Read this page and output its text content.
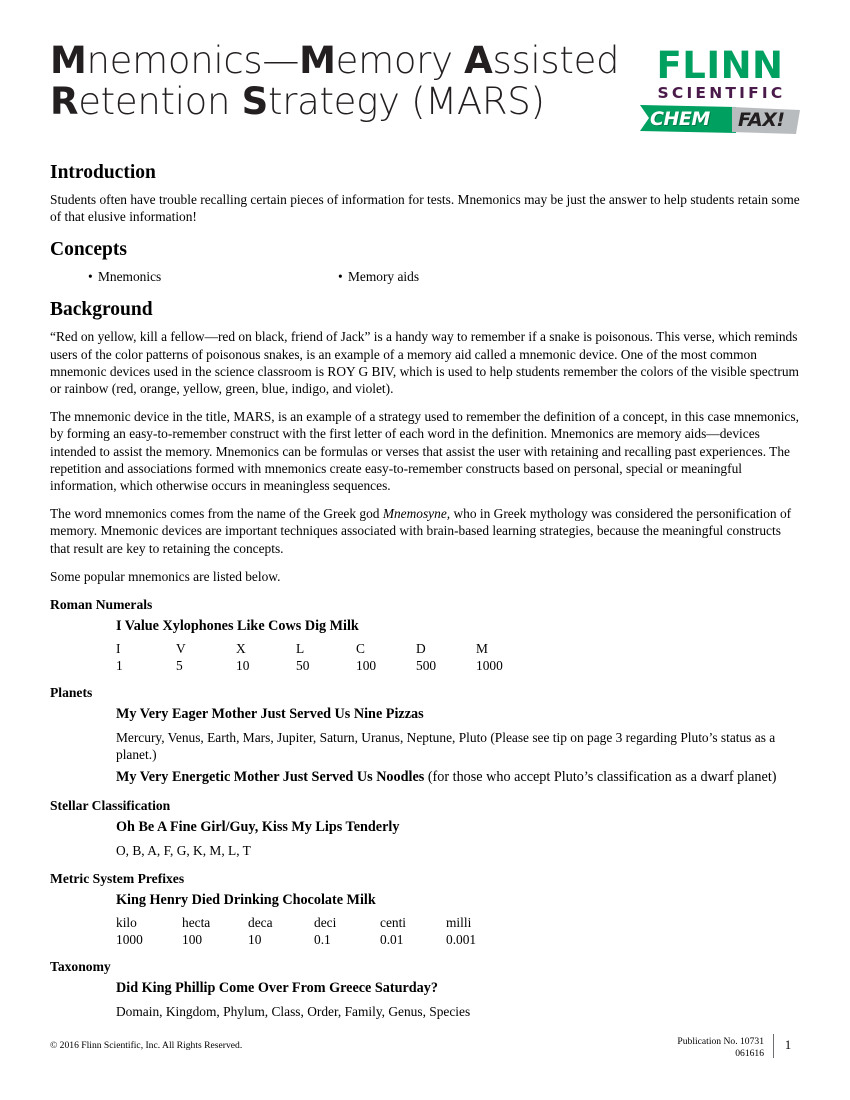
Mnemonics—Memory Assisted
Retention Strategy (MARS)
FLINN
SCIENTIFIC
CHEM FAX!
Introduction

Students often have trouble recalling certain pieces of information for tests. Mnemonics may be just the answer to help students retain some of that elusive information!

Concepts
• Mnemonics	• Memory aids
Background

“Red on yellow, kill a fellow—red on black, friend of Jack” is a handy way to remember if a snake is poisonous. This verse, which reminds users of the color patterns of poisonous snakes, is an example of a memory aid called a mnemonic device. One of the most common mnemonic devices used in the science classroom is ROY G BIV, which is used to help students remember the colors of the visible spectrum or rainbow (red, orange, yellow, green, blue, indigo, and violet).

The mnemonic device in the title, MARS, is an example of a strategy used to remember the definition of a concept, in this case mnemonics, by forming an easy-to-remember construct with the first letter of each word in the definition. Mnemonics are memory aids—devices intended to assist the memory. Mnemonics can be formulas or verses that assist the user with retaining and recalling past experiences. The repetition and associations formed with mnemonics create easy-to-remember constructs based on personal, special or meaningful information, which otherwise occurs in meaningless sequences.

The word mnemonics comes from the name of the Greek god Mnemosyne, who in Greek mythology was considered the personification of memory. Mnemonic devices are important techniques associated with brain-based learning strategies, because the meaningful constructs that result are key to retaining the concepts.

Some popular mnemonics are listed below.

Roman Numerals
I Value Xylophones Like Cows Dig Milk
I	V	X	L	C	D	M
1	5	10	50	100	500	1000
Planets
My Very Eager Mother Just Served Us Nine Pizzas
Mercury, Venus, Earth, Mars, Jupiter, Saturn, Uranus, Neptune, Pluto (Please see tip on page 3 regarding Pluto’s status as a planet.)
My Very Energetic Mother Just Served Us Noodles (for those who accept Pluto’s classification as a dwarf planet)
Stellar Classification
Oh Be A Fine Girl/Guy, Kiss My Lips Tenderly
O, B, A, F, G, K, M, L, T
Metric System Prefixes
King Henry Died Drinking Chocolate Milk
kilo	hecta	deca	deci	centi	milli
1000	100	10	0.1	0.01	0.001
Taxonomy
Did King Phillip Come Over From Greece Saturday?
Domain, Kingdom, Phylum, Class, Order, Family, Genus, Species
© 2016 Flinn Scientific, Inc. All Rights Reserved.	Publication No. 10731
061616
1
